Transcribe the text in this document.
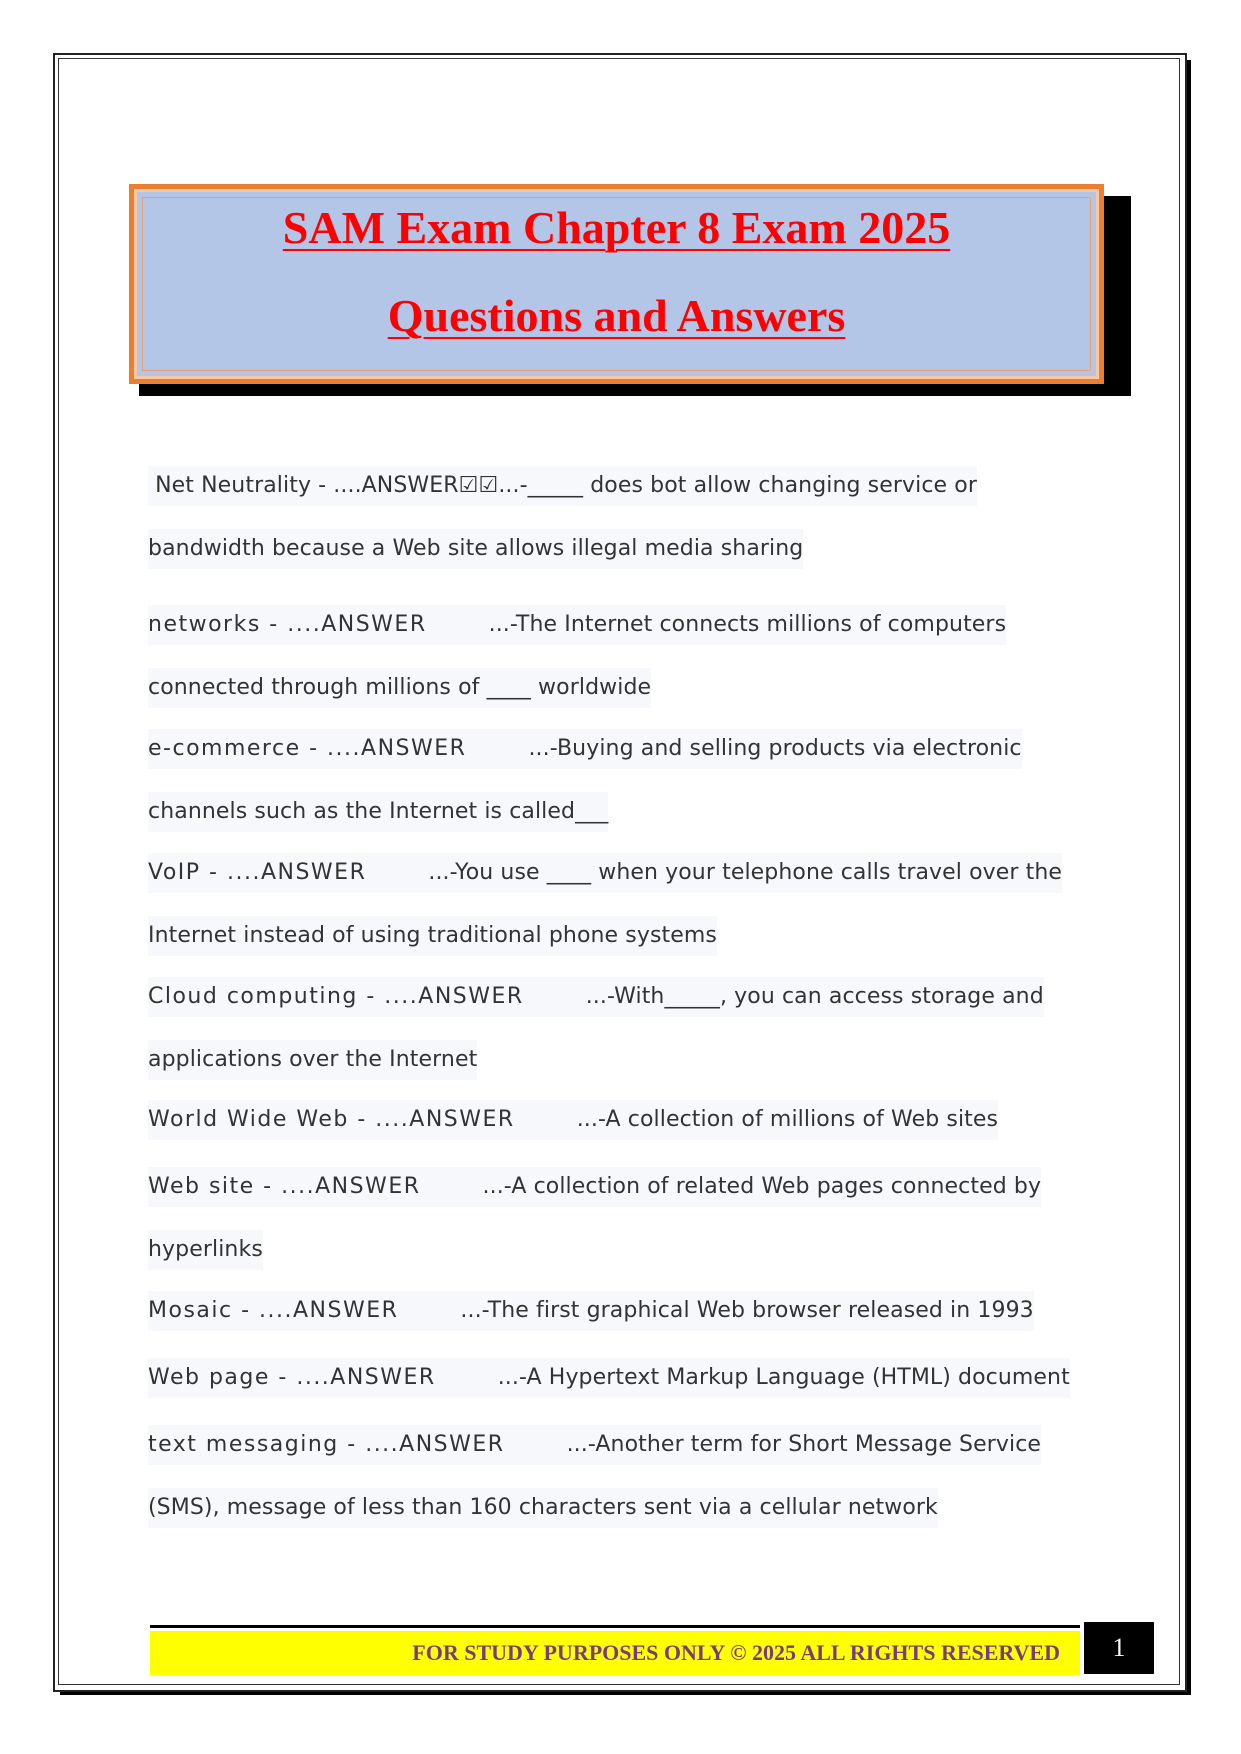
SAM Exam Chapter 8 Exam 2025
Questions and Answers
Net Neutrality - ....ANSWER☑☑...-_____ does bot allow changing service or
bandwidth because a Web site allows illegal media sharing
networks - ....ANSWER	...-The Internet connects millions of computers
connected through millions of ____ worldwide
e-commerce - ....ANSWER	...-Buying and selling products via electronic
channels such as the Internet is called___
VoIP - ....ANSWER	...-You use ____ when your telephone calls travel over the
Internet instead of using traditional phone systems
Cloud computing - ....ANSWER	...-With_____, you can access storage and
applications over the Internet
World Wide Web - ....ANSWER	...-A collection of millions of Web sites
Web site - ....ANSWER	...-A collection of related Web pages connected by
hyperlinks
Mosaic - ....ANSWER	...-The first graphical Web browser released in 1993
Web page - ....ANSWER	...-A Hypertext Markup Language (HTML) document
text messaging - ....ANSWER	...-Another term for Short Message Service
(SMS), message of less than 160 characters sent via a cellular network
FOR STUDY PURPOSES ONLY © 2025 ALL RIGHTS RESERVED	1
